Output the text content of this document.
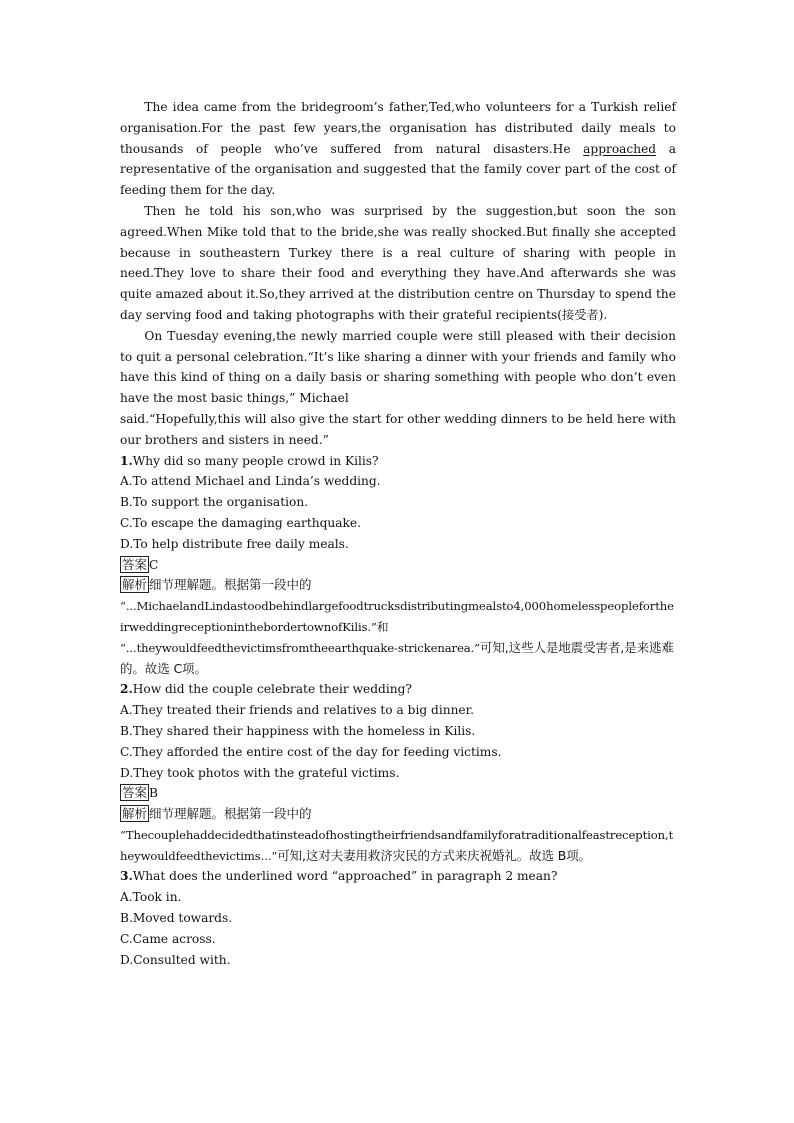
The idea came from the bridegroom’s father,Ted,who volunteers for a Turkish relief organisation.For the past few years,the organisation has distributed daily meals to thousands of people who’ve suffered from natural disasters.He approached a representative of the organisation and suggested that the family cover part of the cost of feeding them for the day.

Then he told his son,who was surprised by the suggestion,but soon the son agreed.When Mike told that to the bride,she was really shocked.But finally she accepted because in southeastern Turkey there is a real culture of sharing with people in need.They love to share their food and everything they have.And afterwards she was quite amazed about it.So,they arrived at the distribution centre on Thursday to spend the day serving food and taking photographs with their grateful recipients(接受者).

On Tuesday evening,the newly married couple were still pleased with their decision to quit a personal celebration.“It’s like sharing a dinner with your friends and family who have this kind of thing on a daily basis or sharing something with people who don’t even have the most basic things,” Michael

said.“Hopefully,this will also give the start for other wedding dinners to be held here with our brothers and sisters in need.”

1.Why did so many people crowd in Kilis?

A.To attend Michael and Linda’s wedding.

B.To support the organisation.

C.To escape the damaging earthquake.

D.To help distribute free daily meals.

答案 C

解析 细节理解题。根据第一段中的

“...MichaelandLindastoodbehindlargefoodtrucksdistributingmealsto4,000homelesspeoplefortheirweddingreceptioninthebordertownofKilis.”和

“...theywouldfeedthevictimsfromtheearthquake-strickenarea.”可知,这些人是地震受害者,是来逃难的。故选 C项。

2.How did the couple celebrate their wedding?

A.They treated their friends and relatives to a big dinner.

B.They shared their happiness with the homeless in Kilis.

C.They afforded the entire cost of the day for feeding victims.

D.They took photos with the grateful victims.

答案 B

解析 细节理解题。根据第一段中的

“Thecouplehaddecidedthatinsteadofhostingtheirfriendsandfamilyforatraditionalfeastreception,theywouldfeedthevictims...”可知,这对夫妻用救济灾民的方式来庆祝婚礼。故选 B项。

3.What does the underlined word “approached” in paragraph 2 mean?

A.Took in.

B.Moved towards.

C.Came across.

D.Consulted with.
